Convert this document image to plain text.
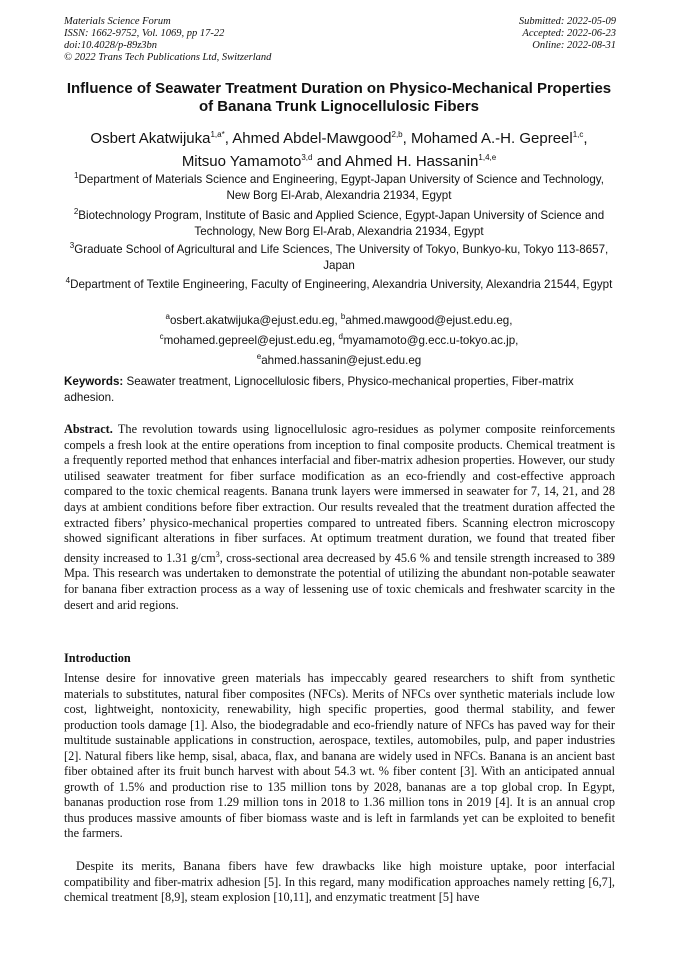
Materials Science Forum
ISSN: 1662-9752, Vol. 1069, pp 17-22
doi:10.4028/p-89z3bn
© 2022 Trans Tech Publications Ltd, Switzerland
Submitted: 2022-05-09
Accepted: 2022-06-23
Online: 2022-08-31
Influence of Seawater Treatment Duration on Physico-Mechanical Properties of Banana Trunk Lignocellulosic Fibers
Osbert Akatwijuka$^{1,a*}$, Ahmed Abdel-Mawgood$^{2,b}$, Mohamed A.-H. Gepreel$^{1,c}$,
Mitsuo Yamamoto$^{3,d}$ and Ahmed H. Hassanin$^{1,4,e}$
$^1$Department of Materials Science and Engineering, Egypt-Japan University of Science and Technology, New Borg El-Arab, Alexandria 21934, Egypt
$^2$Biotechnology Program, Institute of Basic and Applied Science, Egypt-Japan University of Science and Technology, New Borg El-Arab, Alexandria 21934, Egypt
$^3$Graduate School of Agricultural and Life Sciences, The University of Tokyo, Bunkyo-ku, Tokyo 113-8657, Japan
$^4$Department of Textile Engineering, Faculty of Engineering, Alexandria University, Alexandria 21544, Egypt
$^a$osbert.akatwijuka@ejust.edu.eg, $^b$ahmed.mawgood@ejust.edu.eg,
$^c$mohamed.gepreel@ejust.edu.eg, $^d$myamamoto@g.ecc.u-tokyo.ac.jp,
$^e$ahmed.hassanin@ejust.edu.eg
Keywords: Seawater treatment, Lignocellulosic fibers, Physico-mechanical properties, Fiber-matrix adhesion.
Abstract. The revolution towards using lignocellulosic agro-residues as polymer composite reinforcements compels a fresh look at the entire operations from inception to final composite products. Chemical treatment is a frequently reported method that enhances interfacial and fiber-matrix adhesion properties. However, our study utilised seawater treatment for fiber surface modification as an eco-friendly and cost-effective approach compared to the toxic chemical reagents. Banana trunk layers were immersed in seawater for 7, 14, 21, and 28 days at ambient conditions before fiber extraction. Our results revealed that the treatment duration affected the extracted fibers’ physico-mechanical properties compared to untreated fibers. Scanning electron microscopy showed significant alterations in fiber surfaces. At optimum treatment duration, we found that treated fiber density increased to 1.31 $g/cm^3$, cross-sectional area decreased by 45.6 % and tensile strength increased to 389 Mpa. This research was undertaken to demonstrate the potential of utilizing the abundant non-potable seawater for banana fiber extraction process as a way of lessening use of toxic chemicals and freshwater scarcity in the desert and arid regions.
Introduction
Intense desire for innovative green materials has impeccably geared researchers to shift from synthetic materials to substitutes, natural fiber composites (NFCs). Merits of NFCs over synthetic materials include low cost, lightweight, nontoxicity, renewability, high specific properties, good thermal stability, and fewer production tools damage [1]. Also, the biodegradable and eco-friendly nature of NFCs has paved way for their multitude sustainable applications in construction, aerospace, textiles, automobiles, pulp, and paper industries [2]. Natural fibers like hemp, sisal, abaca, flax, and banana are widely used in NFCs. Banana is an ancient bast fiber obtained after its fruit bunch harvest with about 54.3 wt. % fiber content [3]. With an anticipated annual growth of 1.5% and production rise to 135 million tons by 2028, bananas are a top global crop. In Egypt, bananas production rose from 1.29 million tons in 2018 to 1.36 million tons in 2019 [4]. It is an annual crop thus produces massive amounts of fiber biomass waste and is left in farmlands yet can be exploited to benefit the farmers.
Despite its merits, Banana fibers have few drawbacks like high moisture uptake, poor interfacial compatibility and fiber-matrix adhesion [5]. In this regard, many modification approaches namely retting [6,7], chemical treatment [8,9], steam explosion [10,11], and enzymatic treatment [5] have
